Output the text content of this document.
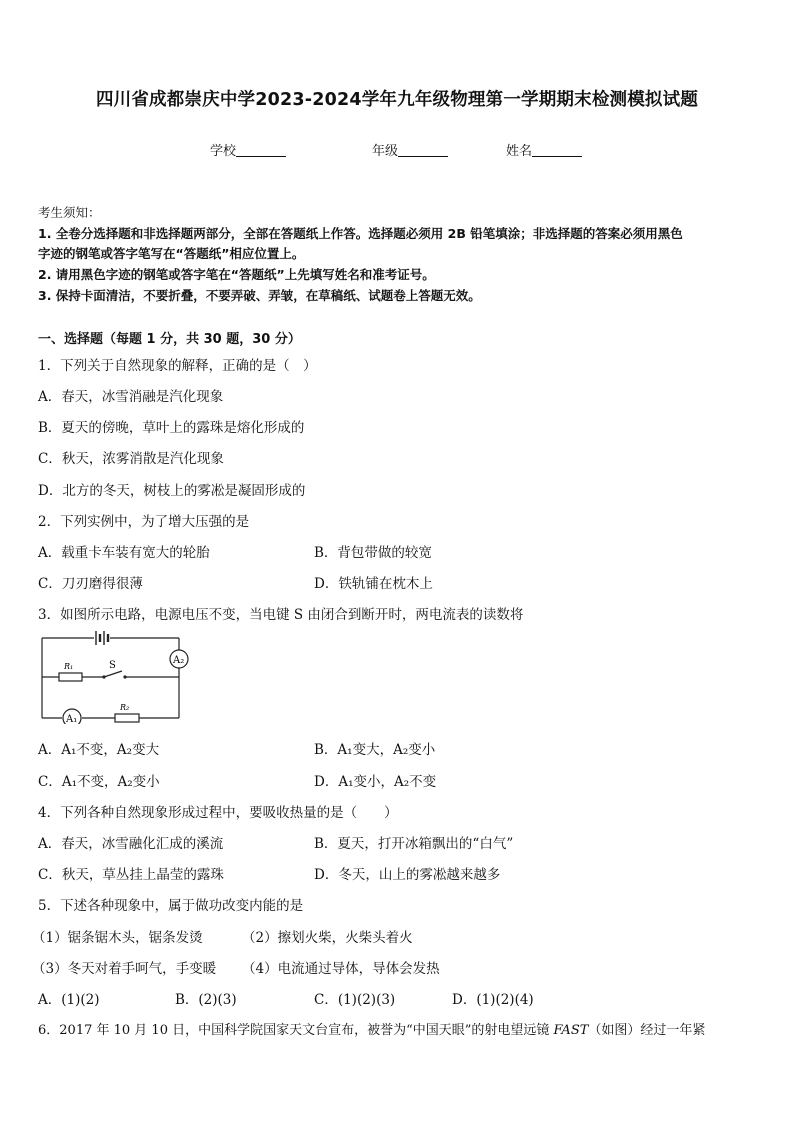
四川省成都崇庆中学2023-2024学年九年级物理第一学期期末检测模拟试题
学校	年级	姓名
考生须知：
1. 全卷分选择题和非选择题两部分，全部在答题纸上作答。选择题必须用 2B 铅笔填涂；非选择题的答案必须用黑色
字迹的钢笔或答字笔写在“答题纸”相应位置上。
2. 请用黑色字迹的钢笔或答字笔在“答题纸”上先填写姓名和准考证号。
3. 保持卡面清洁，不要折叠，不要弄破、弄皱，在草稿纸、试题卷上答题无效。
一、选择题（每题 1 分，共 30 题，30 分）
1．下列关于自然现象的解释，正确的是（　）
A．春天，冰雪消融是汽化现象
B．夏天的傍晚，草叶上的露珠是熔化形成的
C．秋天，浓雾消散是汽化现象
D．北方的冬天，树枝上的雾凇是凝固形成的
2．下列实例中，为了增大压强的是
A．载重卡车装有宽大的轮胎	B．背包带做的较宽
C．刀刃磨得很薄	D．铁轨铺在枕木上
3．如图所示电路，电源电压不变，当电键 S 由闭合到断开时，两电流表的读数将
R₁	S
R₂
A₂
A₁
A．A₁不变，A₂变大	B．A₁变大，A₂变小
C．A₁不变，A₂变小	D．A₁变小，A₂不变
4．下列各种自然现象形成过程中，要吸收热量的是（　　）
A．春天，冰雪融化汇成的溪流	B．夏天，打开冰箱飘出的“白气”
C．秋天，草丛挂上晶莹的露珠	D．冬天，山上的雾凇越来越多
5．下述各种现象中，属于做功改变内能的是
（1）锯条锯木头，锯条发烫	（2）擦划火柴，火柴头着火
（3）冬天对着手呵气，手变暖 （4）电流通过导体，导体会发热
A．(1)(2)	B．(2)(3)	C．(1)(2)(3)	D．(1)(2)(4)
6．2017 年 10 月 10 日，中国科学院国家天文台宣布，被誉为“中国天眼”的射电望远镜 FAST（如图）经过一年紧
